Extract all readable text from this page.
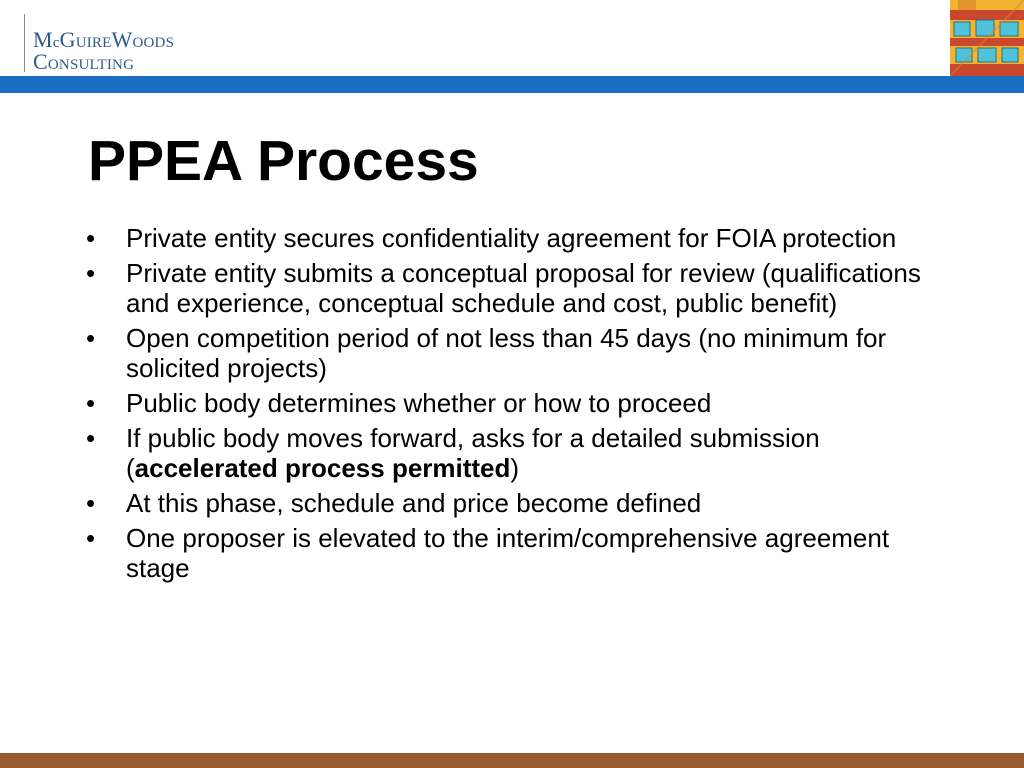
McGUIREWOODS
CONSULTING
PPEA Process
• Private entity secures confidentiality agreement for FOIA protection
• Private entity submits a conceptual proposal for review (qualifications and experience, conceptual schedule and cost, public benefit)
• Open competition period of not less than 45 days (no minimum for solicited projects)
• Public body determines whether or how to proceed
• If public body moves forward, asks for a detailed submission (accelerated process permitted)
• At this phase, schedule and price become defined
• One proposer is elevated to the interim/comprehensive agreement stage
